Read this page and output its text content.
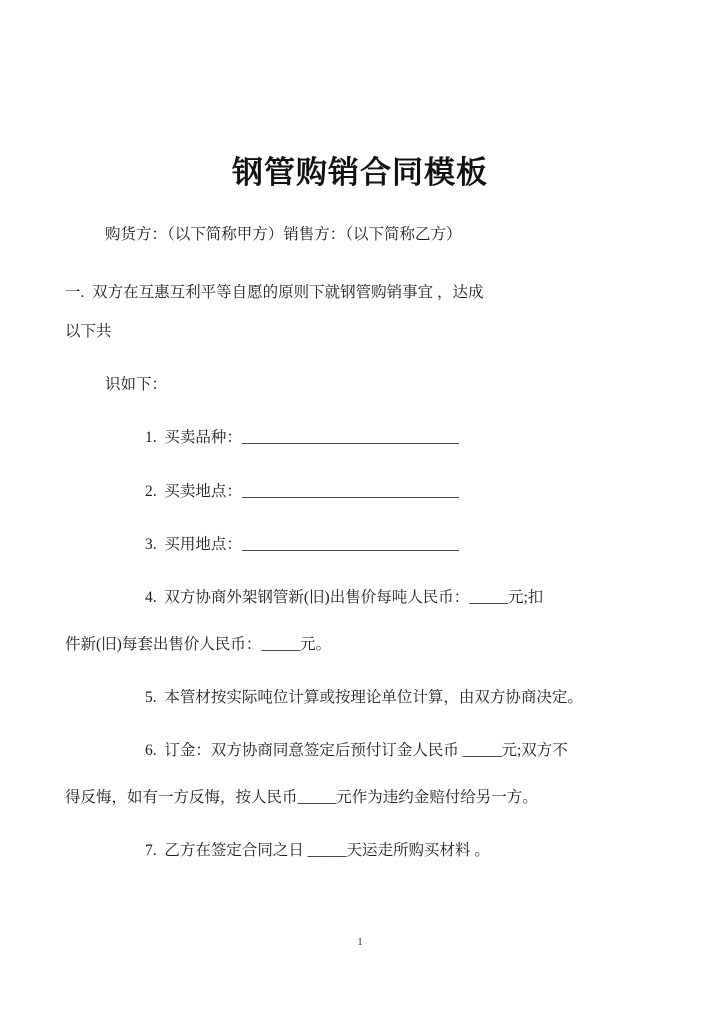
钢管购销合同模板

购货方：（以下简称甲方）销售方：（以下简称乙方）

一.  双方在互惠互利平等自愿的原则下就钢管购销事宜 ，达成

以下共

识如下：

1.  买卖品种：____________________________

2.  买卖地点：____________________________

3.  买用地点：____________________________

4.  双方协商外架钢管新(旧)出售价每吨人民币：_____元;扣

件新(旧)每套出售价人民币：_____元。

5.  本管材按实际吨位计算或按理论单位计算，由双方协商决定。

6.  订金：双方协商同意签定后预付订金人民币 _____元;双方不

得反悔，如有一方反悔，按人民币_____元作为违约金赔付给另一方。

7.  乙方在签定合同之日 _____天运走所购买材料 。

1
